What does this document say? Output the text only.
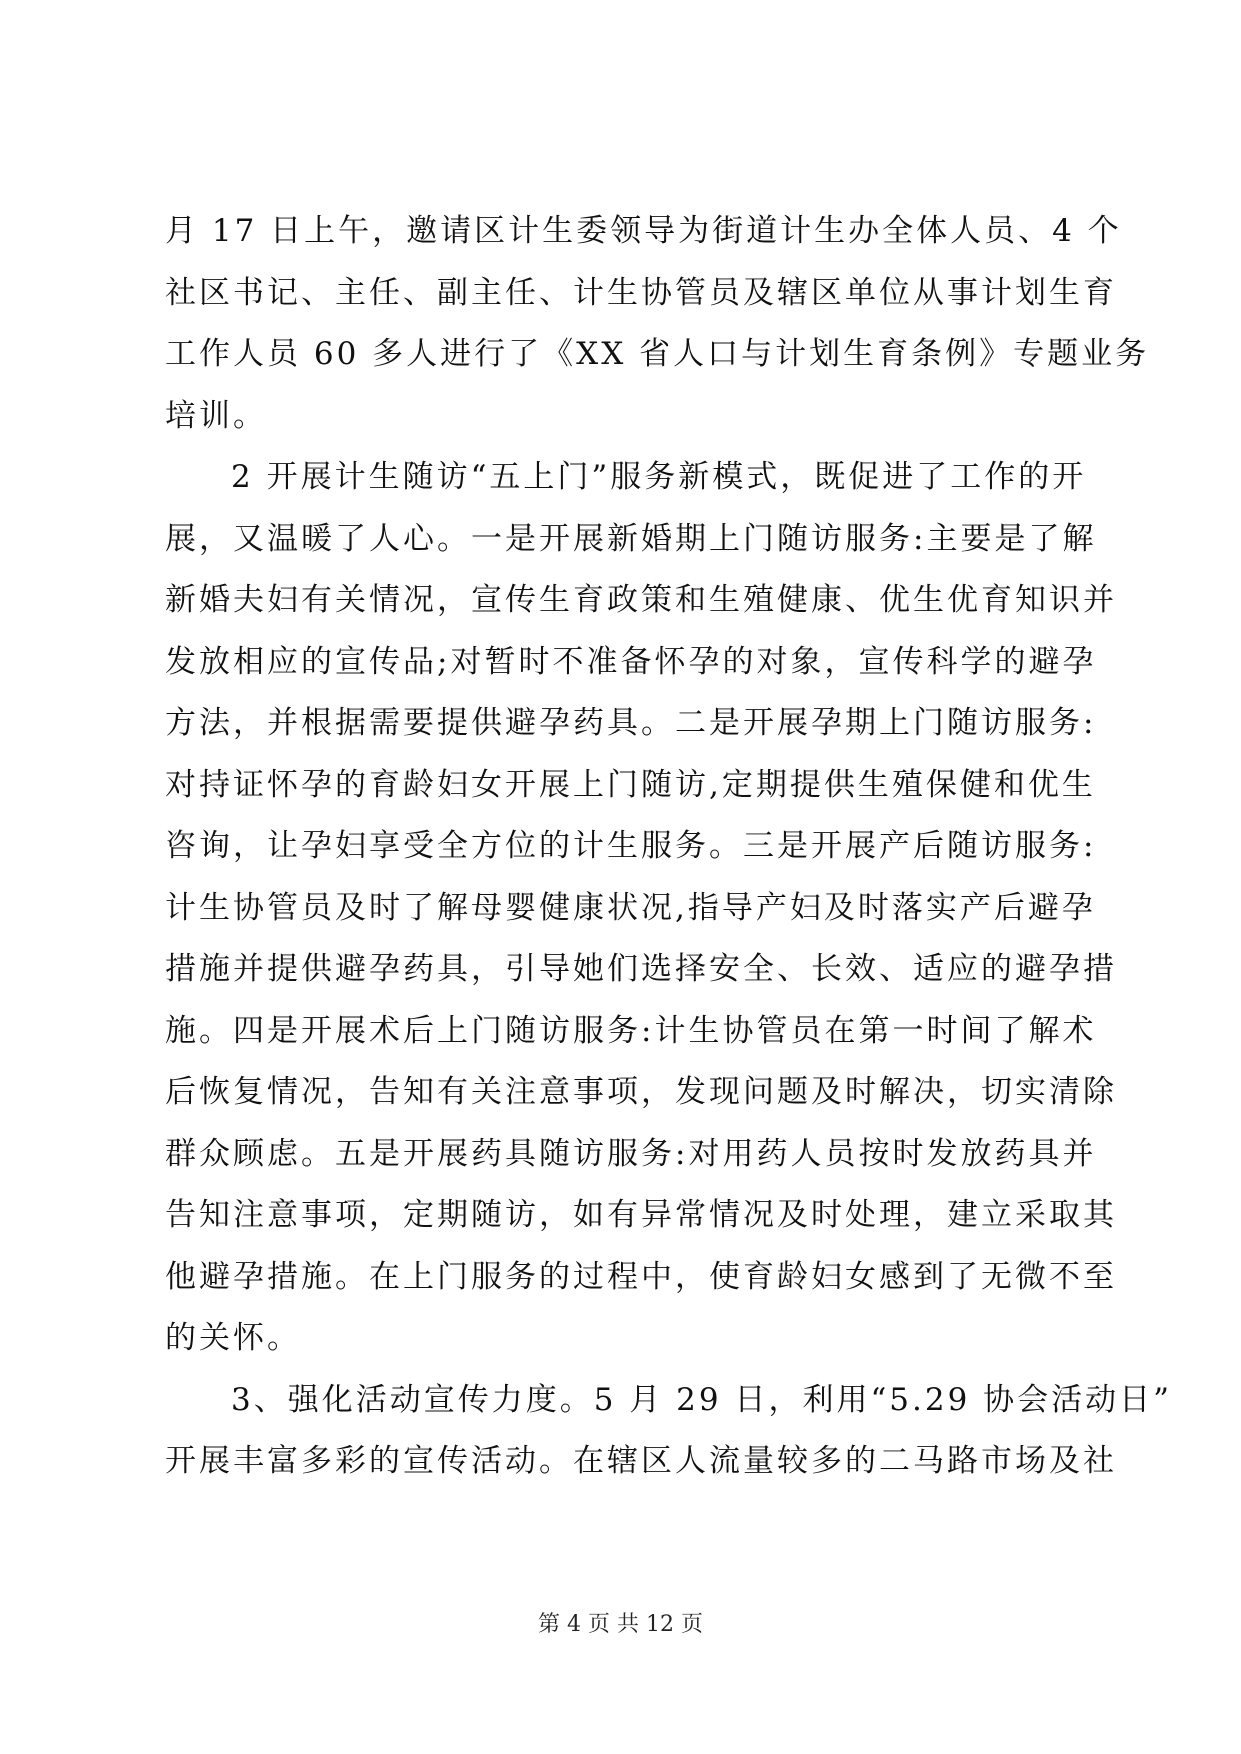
月 17 日上午，邀请区计生委领导为街道计生办全体人员、4 个
社区书记、主任、副主任、计生协管员及辖区单位从事计划生育
工作人员 60 多人进行了《XX 省人口与计划生育条例》专题业务
培训。
2 开展计生随访“五上门”服务新模式，既促进了工作的开
展，又温暖了人心。一是开展新婚期上门随访服务:主要是了解
新婚夫妇有关情况，宣传生育政策和生殖健康、优生优育知识并
发放相应的宣传品;对暂时不准备怀孕的对象，宣传科学的避孕
方法，并根据需要提供避孕药具。二是开展孕期上门随访服务:
对持证怀孕的育龄妇女开展上门随访,定期提供生殖保健和优生
咨询，让孕妇享受全方位的计生服务。三是开展产后随访服务:
计生协管员及时了解母婴健康状况,指导产妇及时落实产后避孕
措施并提供避孕药具，引导她们选择安全、长效、适应的避孕措
施。四是开展术后上门随访服务:计生协管员在第一时间了解术
后恢复情况，告知有关注意事项，发现问题及时解决，切实清除
群众顾虑。五是开展药具随访服务:对用药人员按时发放药具并
告知注意事项，定期随访，如有异常情况及时处理，建立采取其
他避孕措施。在上门服务的过程中，使育龄妇女感到了无微不至
的关怀。
3、强化活动宣传力度。5 月 29 日，利用“5.29 协会活动日”
开展丰富多彩的宣传活动。在辖区人流量较多的二马路市场及社
第 4 页 共 12 页
